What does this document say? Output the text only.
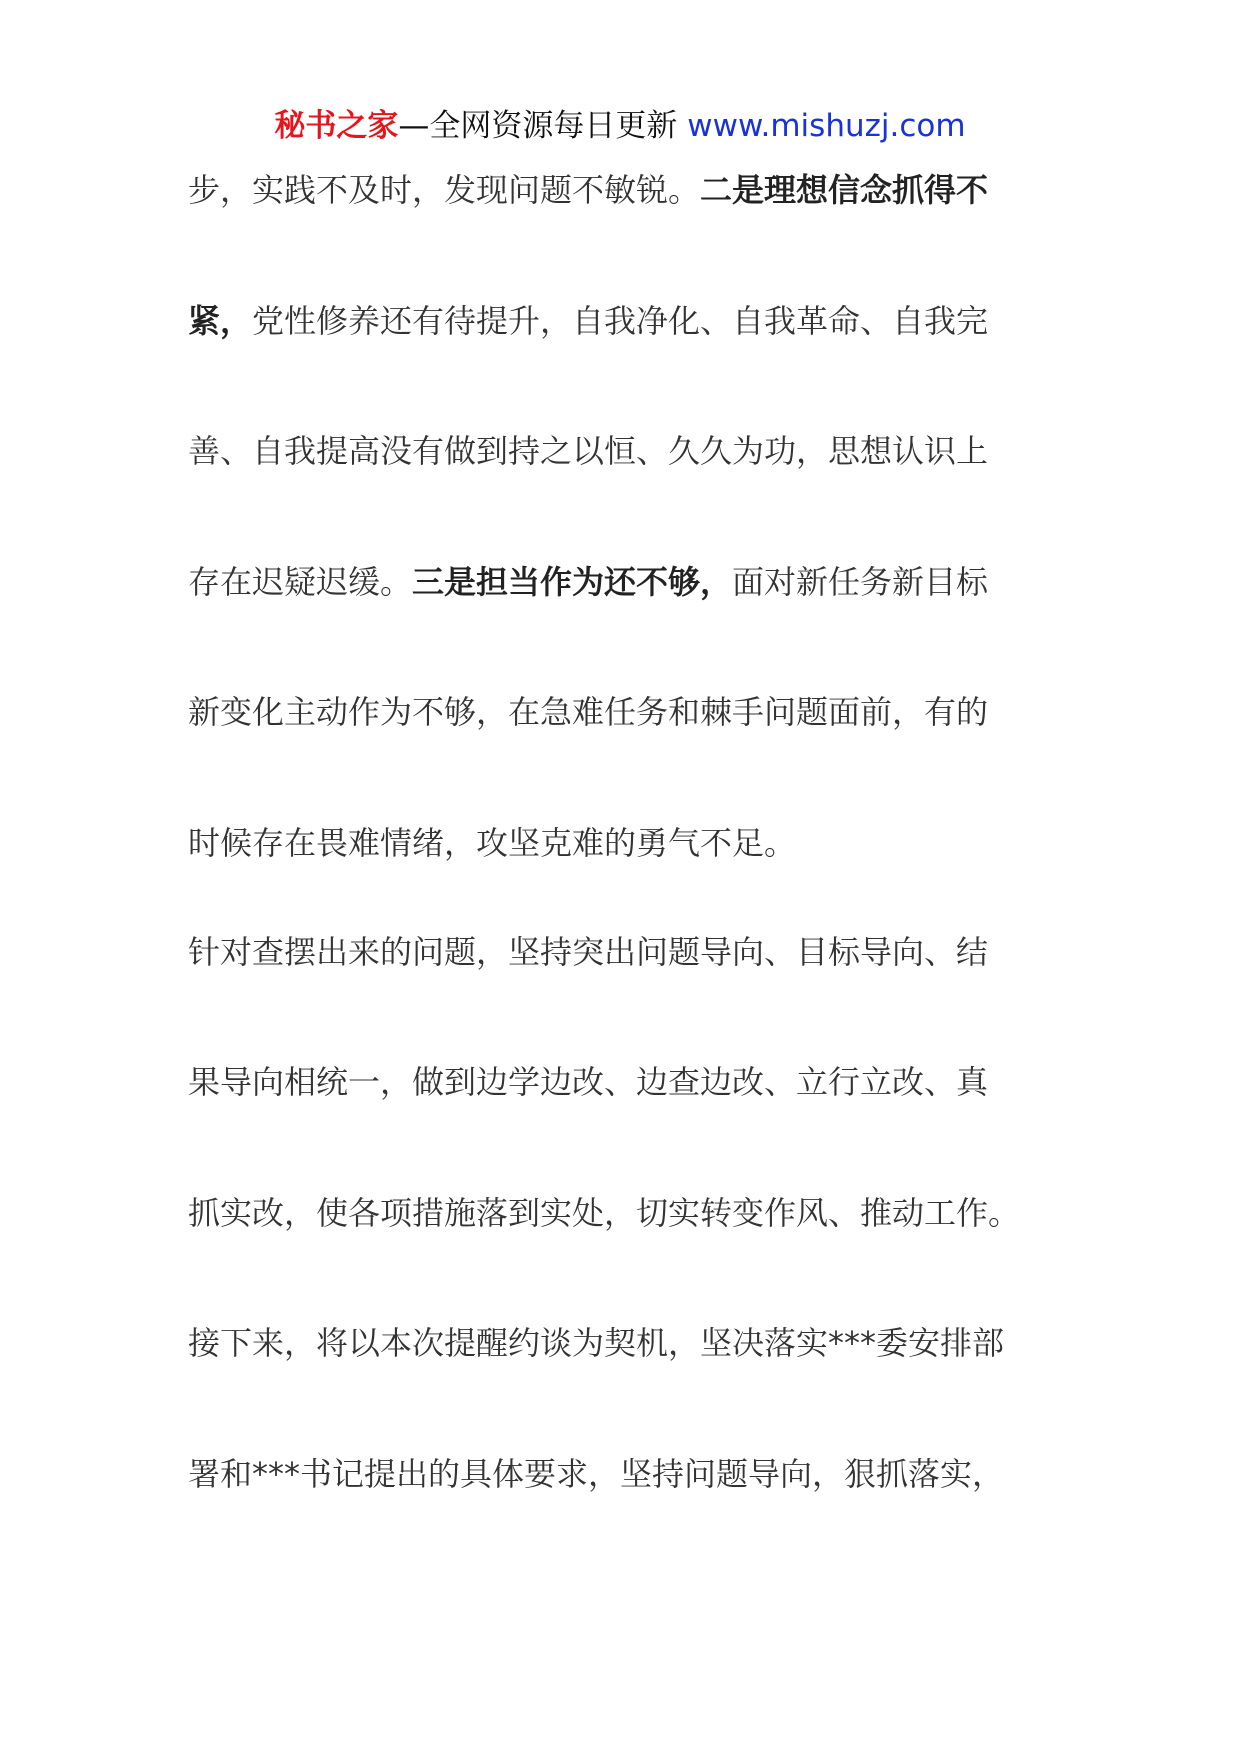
秘书之家—全网资源每日更新 www.mishuzj.com
步，实践不及时，发现问题不敏锐。二是理想信念抓得不
紧，党性修养还有待提升，自我净化、自我革命、自我完
善、自我提高没有做到持之以恒、久久为功，思想认识上
存在迟疑迟缓。三是担当作为还不够，面对新任务新目标
新变化主动作为不够，在急难任务和棘手问题面前，有的
时候存在畏难情绪，攻坚克难的勇气不足。
针对查摆出来的问题，坚持突出问题导向、目标导向、结
果导向相统一，做到边学边改、边查边改、立行立改、真
抓实改，使各项措施落到实处，切实转变作风、推动工作。
接下来，将以本次提醒约谈为契机，坚决落实***委安排部
署和***书记提出的具体要求，坚持问题导向，狠抓落实，
